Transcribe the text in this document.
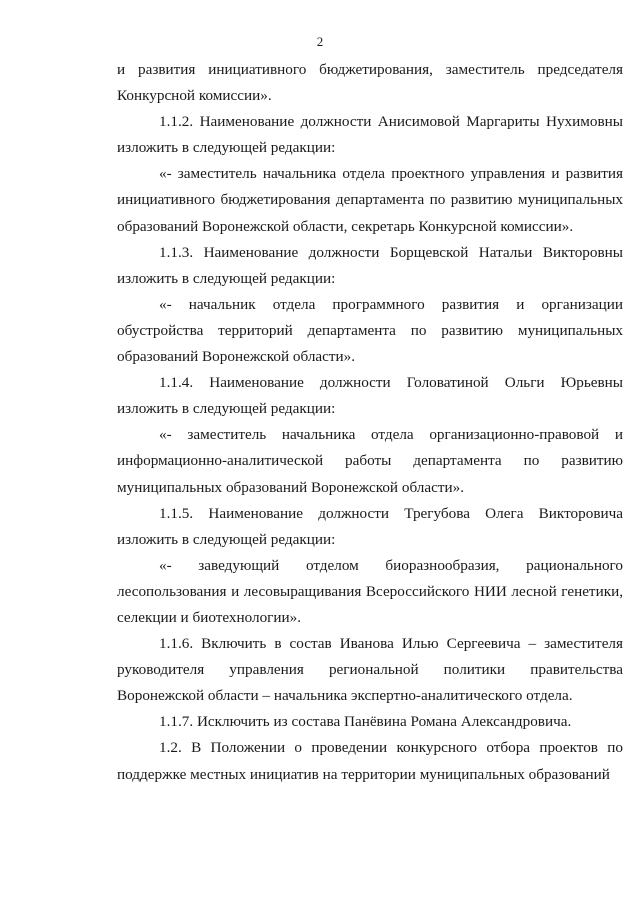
2

и развития инициативного бюджетирования, заместитель председателя Конкурсной комиссии».

1.1.2. Наименование должности Анисимовой Маргариты Нухимовны изложить в следующей редакции:

«- заместитель начальника отдела проектного управления и развития инициативного бюджетирования департамента по развитию муниципальных образований Воронежской области, секретарь Конкурсной комиссии».

1.1.3. Наименование должности Борщевской Натальи Викторовны изложить в следующей редакции:

«- начальник отдела программного развития и организации обустройства территорий департамента по развитию муниципальных образований Воронежской области».

1.1.4. Наименование должности Головатиной Ольги Юрьевны изложить в следующей редакции:

«- заместитель начальника отдела организационно-правовой и информационно-аналитической работы департамента по развитию муниципальных образований Воронежской области».

1.1.5. Наименование должности Трегубова Олега Викторовича изложить в следующей редакции:

«- заведующий отделом биоразнообразия, рационального лесопользования и лесовыращивания Всероссийского НИИ лесной генетики, селекции и биотехнологии».

1.1.6. Включить в состав Иванова Илью Сергеевича – заместителя руководителя управления региональной политики правительства Воронежской области – начальника экспертно-аналитического отдела.

1.1.7. Исключить из состава Панёвина Романа Александровича.

1.2. В Положении о проведении конкурсного отбора проектов по поддержке местных инициатив на территории муниципальных образований
